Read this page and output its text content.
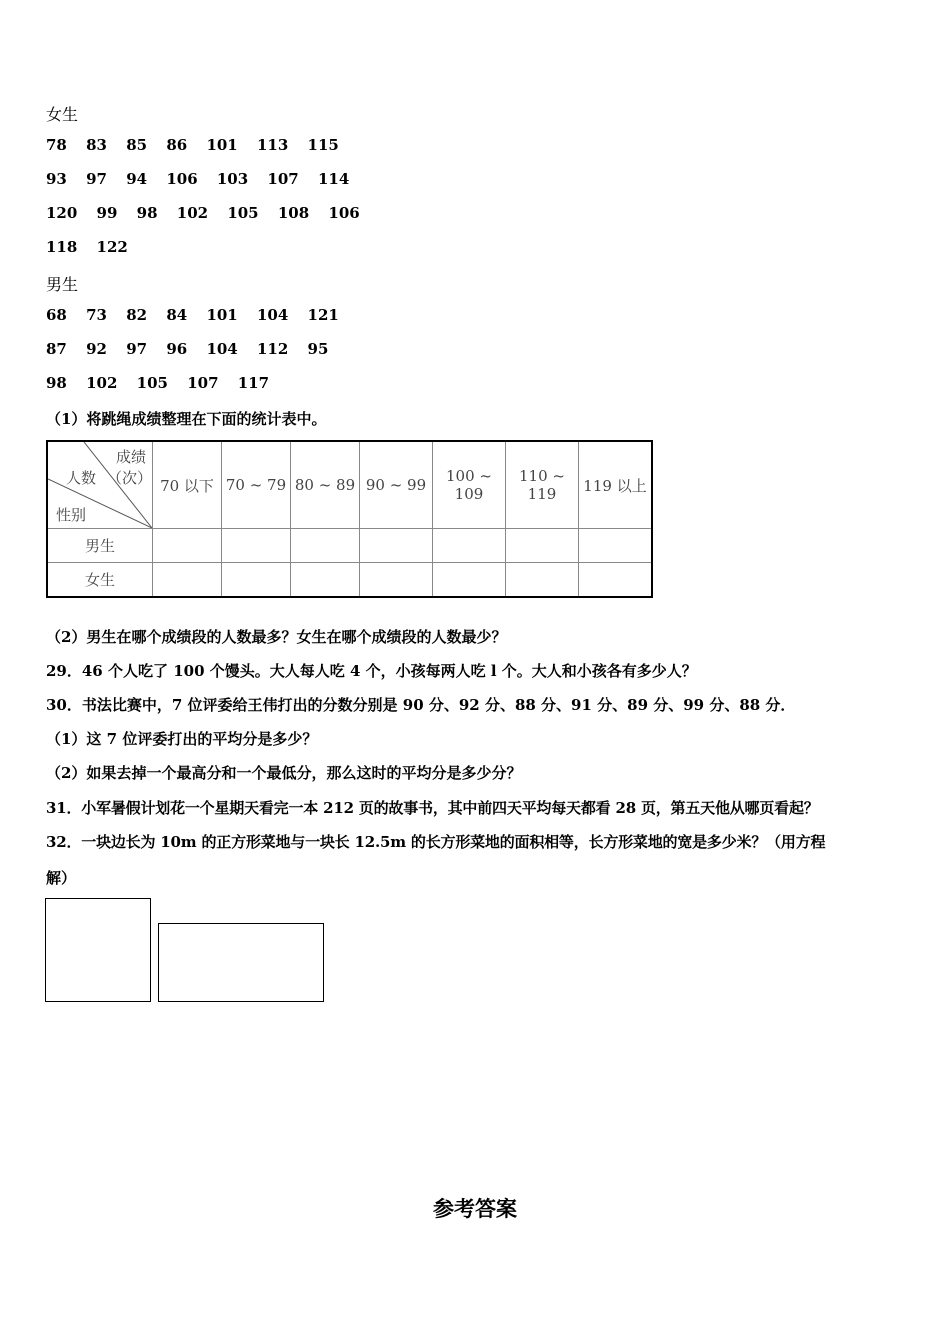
女生
78 83 85 86 101 113 115
93 97 94 106 103 107 114
120 99 98 102 105 108 106
118 122
男生
68 73 82 84 101 104 121
87 92 97 96 104 112 95
98 102 105 107 117
（1）将跳绳成绩整理在下面的统计表中。
成绩
（次）
人数
性别	70 以下	70 ~ 79	80 ~ 89	90 ~ 99	100 ~ 109	110 ~ 119	119 以上
男生							
女生							
（2）男生在哪个成绩段的人数最多？女生在哪个成绩段的人数最少？
29．46 个人吃了 100 个馒头。大人每人吃 4 个，小孩每两人吃 l 个。大人和小孩各有多少人？
30．书法比赛中，7 位评委给王伟打出的分数分别是 90 分、92 分、88 分、91 分、89 分、99 分、88 分．
（1）这 7 位评委打出的平均分是多少？
（2）如果去掉一个最高分和一个最低分，那么这时的平均分是多少分？
31．小军暑假计划花一个星期天看完一本 212 页的故事书，其中前四天平均每天都看 28 页，第五天他从哪页看起？
32．一块边长为 10m 的正方形菜地与一块长 12.5m 的长方形菜地的面积相等，长方形菜地的宽是多少米？（用方程
解）
参考答案
